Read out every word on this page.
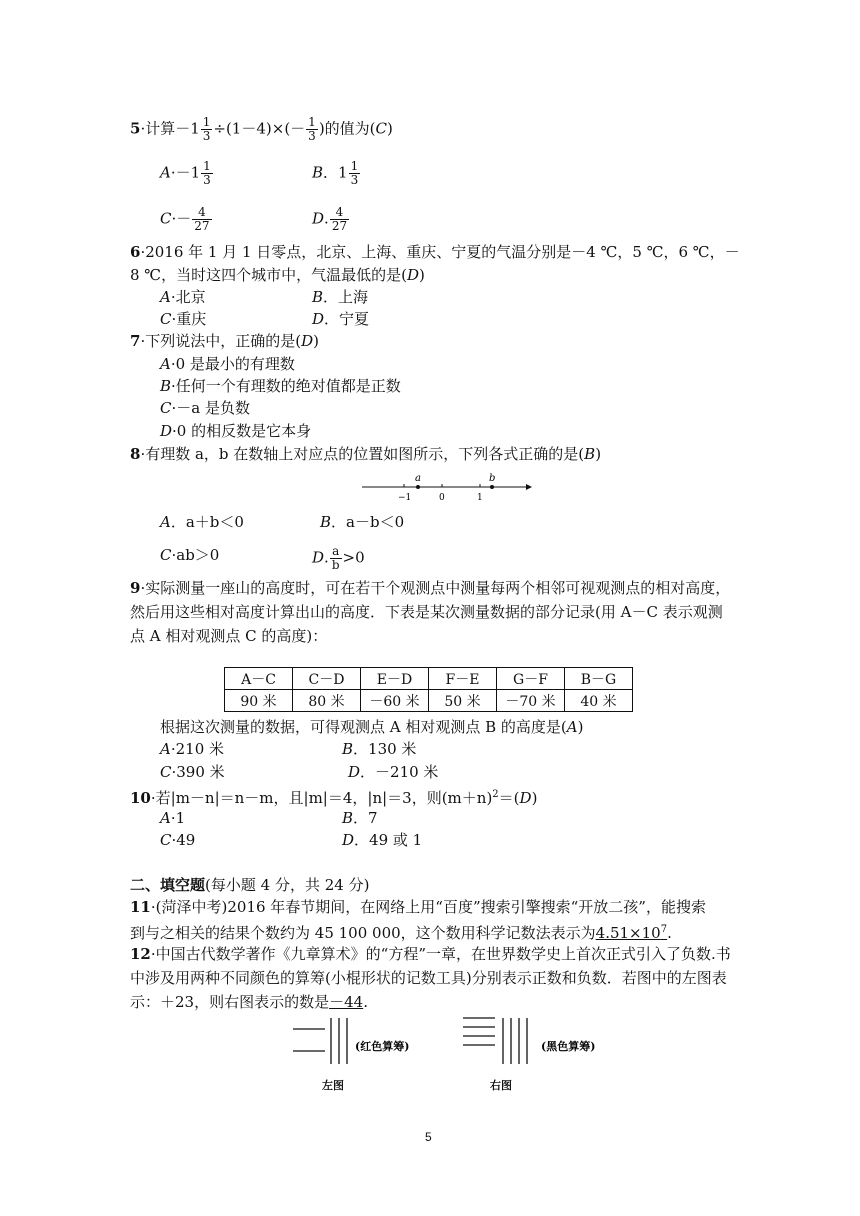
5·计算$-1 \frac{1}{3} \div(1-4)\times(- \frac{1}{3}$ )的值为(C)
$A\cdot-1 \frac{1}{3}$	B．$1 \frac{1}{3}$
$C\cdot- \frac{4}{27}$	D. $\frac{4}{27}$
6·2016 年 1 月 1 日零点，北京、上海、重庆、宁夏的气温分别是－4 ℃，5 ℃，6 ℃，－
8 ℃，当时这四个城市中，气温最低的是(D)
A·北京	B．上海
C·重庆	D．宁夏
7·下列说法中，正确的是(D)
A·0 是最小的有理数
B·任何一个有理数的绝对值都是正数
C·－a 是负数
D·0 的相反数是它本身
8·有理数 a，b 在数轴上对应点的位置如图所示，下列各式正确的是(B)
a	b
−1	0	1
A．a＋b＜0	B．a－b＜0
C·ab＞0	D. $\frac{a}{b} >0$
9·实际测量一座山的高度时，可在若干个观测点中测量每两个相邻可视观测点的相对高度，
然后用这些相对高度计算出山的高度．下表是某次测量数据的部分记录(用 A－C 表示观测
点 A 相对观测点 C 的高度)：
A－C	C－D	E－D	F－E	G－F	B－G
90 米	80 米	－60 米	50 米	－70 米	40 米
根据这次测量的数据，可得观测点 A 相对观测点 B 的高度是(A)
A·210 米	B．130 米
C·390 米	D．－210 米
10·若|m－n|＝n－m，且|m|＝4，|n|＝3，则$(m+n)^2=(D)$
A·1	B．7
C·49	D．49 或 1
二、填空题(每小题 4 分，共 24 分)
11·(菏泽中考)2016 年春节期间，在网络上用“百度”搜索引擎搜索“开放二孩”，能搜索
到与之相关的结果个数约为 45 100 000，这个数用科学记数法表示为$4.51\times 10^7$.
12·中国古代数学著作《九章算术》的“方程”一章，在世界数学史上首次正式引入了负数.书
中涉及用两种不同颜色的算筹(小棍形状的记数工具)分别表示正数和负数．若图中的左图表
示：＋23，则右图表示的数是－44.
(红色算筹)	(黑色算筹)
左图	右图
5
